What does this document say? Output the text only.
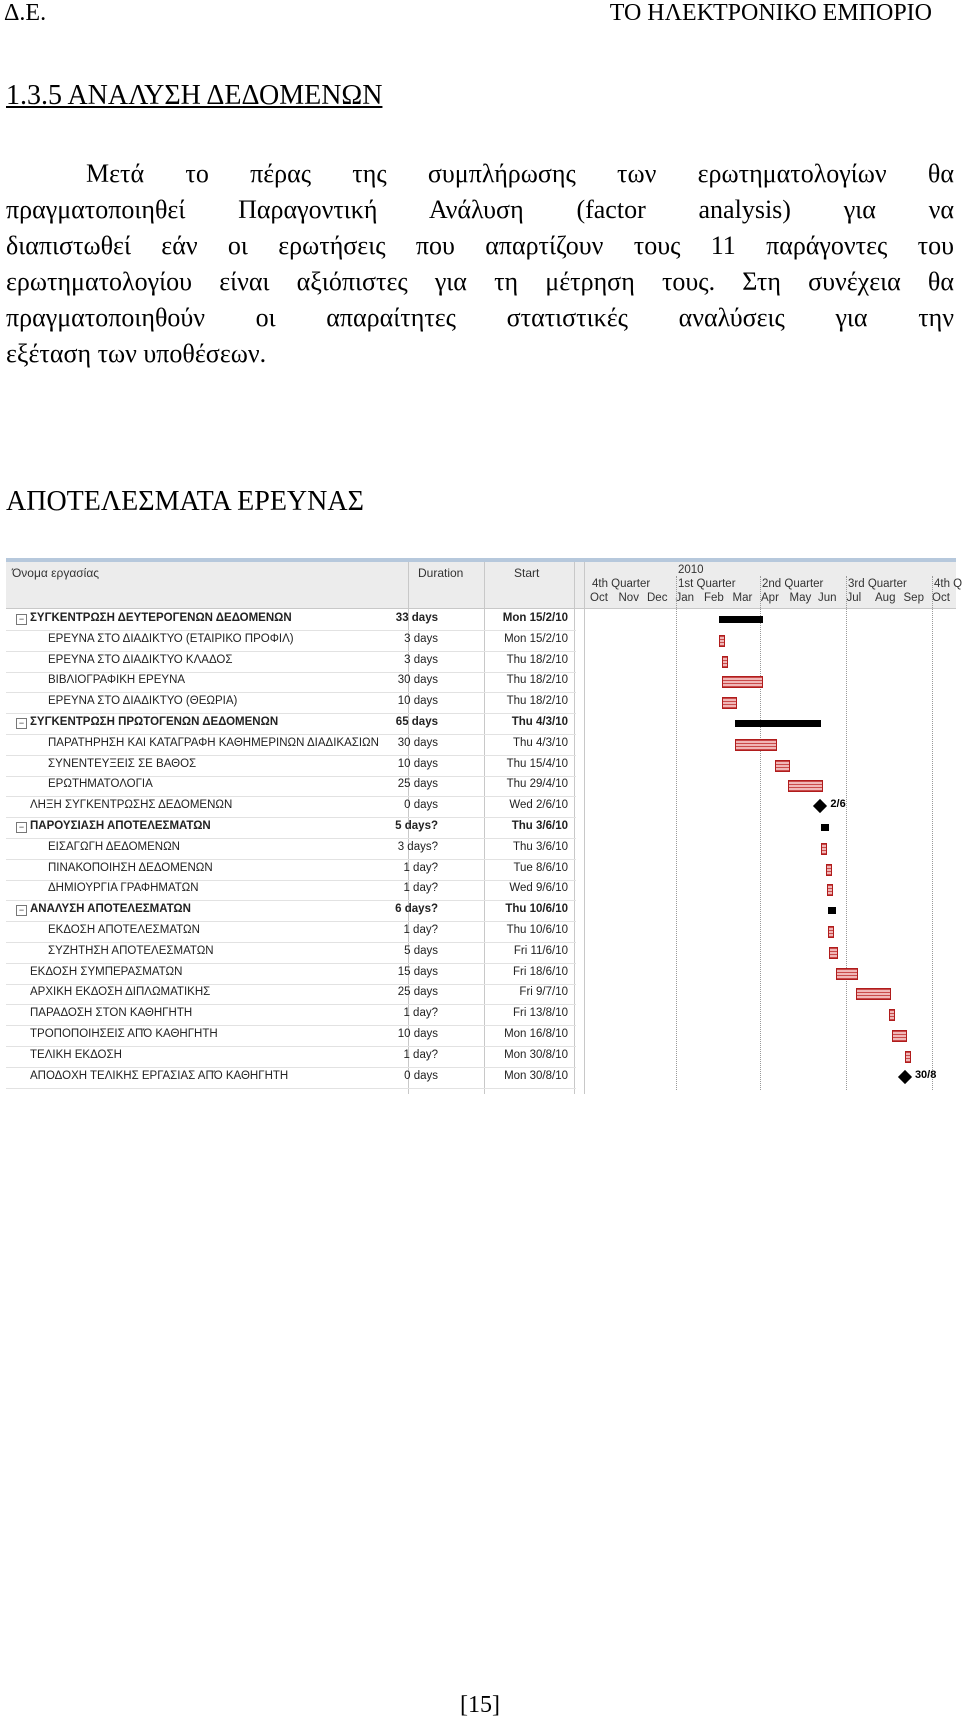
Δ.Ε.	ΤΟ ΗΛΕΚΤΡΟΝΙΚΟ ΕΜΠΟΡΙΟ
1.3.5 ΑΝΑΛΥΣΗ ΔΕΔΟΜΕΝΩΝ
Μετά το πέρας της συμπλήρωσης των ερωτηματολογίων θα
πραγματοποιηθεί Παραγοντική Ανάλυση (factor analysis) για να
διαπιστωθεί εάν οι ερωτήσεις που απαρτίζουν τους 11 παράγοντες του
ερωτηματολογίου είναι αξιόπιστες για τη μέτρηση τους. Στη συνέχεια θα
πραγματοποιηθούν οι απαραίτητες στατιστικές αναλύσεις για την
εξέταση των υποθέσεων.
ΑΠΟΤΕΛΕΣΜΑΤΑ ΕΡΕΥΝΑΣ
Όνομα εργασίας	Duration	Start
− ΣΥΓΚΕΝΤΡΩΣΗ ΔΕΥΤΕΡΟΓΕΝΩΝ ΔΕΔΟΜΕΝΩΝ	33 days	Mon 15/2/10
ΕΡΕΥΝΑ ΣΤΟ ΔΙΑΔΙΚΤΥΟ (ΕΤΑΙΡΙΚΟ ΠΡΟΦΙΛ)	3 days	Mon 15/2/10
ΕΡΕΥΝΑ ΣΤΟ ΔΙΑΔΙΚΤΥΟ ΚΛΑΔΟΣ	3 days	Thu 18/2/10
ΒΙΒΛΙΟΓΡΑΦΙΚΗ ΕΡΕΥΝΑ	30 days	Thu 18/2/10
ΕΡΕΥΝΑ ΣΤΟ ΔΙΑΔΙΚΤΥΟ (ΘΕΩΡΙΑ)	10 days	Thu 18/2/10
− ΣΥΓΚΕΝΤΡΩΣΗ ΠΡΩΤΟΓΕΝΩΝ ΔΕΔΟΜΕΝΩΝ	65 days	Thu 4/3/10
ΠΑΡΑΤΗΡΗΣΗ ΚΑΙ ΚΑΤΑΓΡΑΦΗ ΚΑΘΗΜΕΡΙΝΩΝ ΔΙΑΔΙΚΑΣΙΩΝ 30 days	Thu 4/3/10
ΣΥΝΕΝΤΕΥΞΕΙΣ ΣΕ ΒΑΘΟΣ	10 days	Thu 15/4/10
ΕΡΩΤΗΜΑΤΟΛΟΓΙΑ	25 days	Thu 29/4/10
ΛΗΞΗ ΣΥΓΚΕΝΤΡΩΣΗΣ ΔΕΔΟΜΕΝΩΝ	0 days	Wed 2/6/10
− ΠΑΡΟΥΣΙΑΣΗ ΑΠΟΤΕΛΕΣΜΑΤΩΝ	5 days?	Thu 3/6/10
ΕΙΣΑΓΩΓΗ ΔΕΔΟΜΕΝΩΝ	3 days?	Thu 3/6/10
ΠΙΝΑΚΟΠΟΙΗΣΗ ΔΕΔΟΜΕΝΩΝ	1 day?	Tue 8/6/10
ΔΗΜΙΟΥΡΓΙΑ ΓΡΑΦΗΜΑΤΩΝ	1 day?	Wed 9/6/10
− ΑΝΑΛΥΣΗ ΑΠΟΤΕΛΕΣΜΑΤΩΝ	6 days?	Thu 10/6/10
ΕΚΔΟΣΗ ΑΠΟΤΕΛΕΣΜΑΤΩΝ	1 day?	Thu 10/6/10
ΣΥΖΗΤΗΣΗ ΑΠΟΤΕΛΕΣΜΑΤΩΝ	5 days	Fri 11/6/10
ΕΚΔΟΣΗ ΣΥΜΠΕΡΑΣΜΑΤΩΝ	15 days	Fri 18/6/10
ΑΡΧΙΚΗ ΕΚΔΟΣΗ ΔΙΠΛΩΜΑΤΙΚΗΣ	25 days	Fri 9/7/10
ΠΑΡΑΔΟΣΗ ΣΤΟΝ ΚΑΘΗΓΗΤΗ	1 day?	Fri 13/8/10
ΤΡΟΠΟΠΟΙΗΣΕΙΣ ΑΠΌ ΚΑΘΗΓΗΤΗ	10 days	Mon 16/8/10
ΤΕΛΙΚΗ ΕΚΔΟΣΗ	1 day?	Mon 30/8/10
ΑΠΟΔΟΧΗ ΤΕΛΙΚΗΣ ΕΡΓΑΣΙΑΣ ΑΠΌ ΚΑΘΗΓΗΤΗ	0 days	Mon 30/8/10
2010
4th Quarter 1st Quarter 2nd Quarter 3rd Quarter 4th Q
Oct Nov Dec Jan Feb Mar Apr May Jun Jul Aug Sep Oct
2/6
30/8
[15]
